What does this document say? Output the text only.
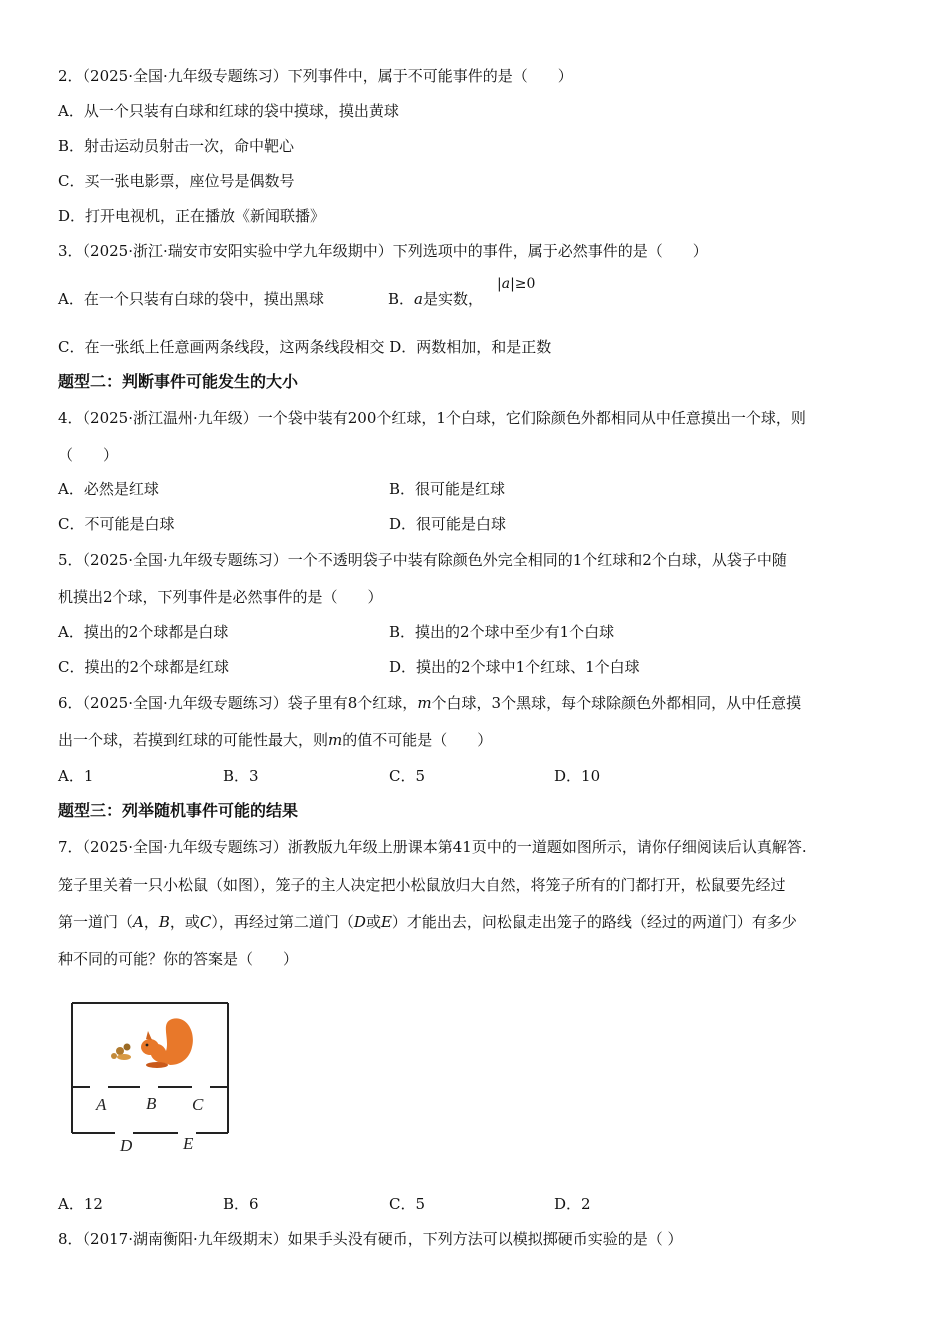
2．（2025·全国·九年级专题练习）下列事件中，属于不可能事件的是（　　）
A．从一个只装有白球和红球的袋中摸球，摸出黄球
B．射击运动员射击一次，命中靶心
C．买一张电影票，座位号是偶数号
D．打开电视机，正在播放《新闻联播》
3．（2025·浙江·瑞安市安阳实验中学九年级期中）下列选项中的事件，属于必然事件的是（　　）
A．在一个只装有白球的袋中，摸出黑球	B．a是实数，
|a|≥0
C．在一张纸上任意画两条线段，这两条线段相交 D．两数相加，和是正数
题型二：判断事件可能发生的大小
4．（2025·浙江温州·九年级）一个袋中装有200个红球，1个白球，它们除颜色外都相同从中任意摸出一个球，则
（　　）
A．必然是红球	B．很可能是红球
C．不可能是白球	D．很可能是白球
5．（2025·全国·九年级专题练习）一个不透明袋子中装有除颜色外完全相同的1个红球和2个白球，从袋子中随
机摸出2个球，下列事件是必然事件的是（　　）
A．摸出的2个球都是白球	B．摸出的2个球中至少有1个白球
C．摸出的2个球都是红球	D．摸出的2个球中1个红球、1个白球
6．（2025·全国·九年级专题练习）袋子里有8个红球，m个白球，3个黑球，每个球除颜色外都相同，从中任意摸
出一个球，若摸到红球的可能性最大，则m的值不可能是（　　）
A．1	B．3	C．5	D．10
题型三：列举随机事件可能的结果
7．（2025·全国·九年级专题练习）浙教版九年级上册课本第41页中的一道题如图所示，请你仔细阅读后认真解答.
笼子里关着一只小松鼠（如图），笼子的主人决定把小松鼠放归大自然，将笼子所有的门都打开，松鼠要先经过
第一道门（A，B，或C），再经过第二道门（D或E）才能出去，问松鼠走出笼子的路线（经过的两道门）有多少
种不同的可能？你的答案是（　　）
A B C
D	E
A．12	B．6	C．5	D．2
8．（2017·湖南衡阳·九年级期末）如果手头没有硬币，下列方法可以模拟掷硬币实验的是（ ）
